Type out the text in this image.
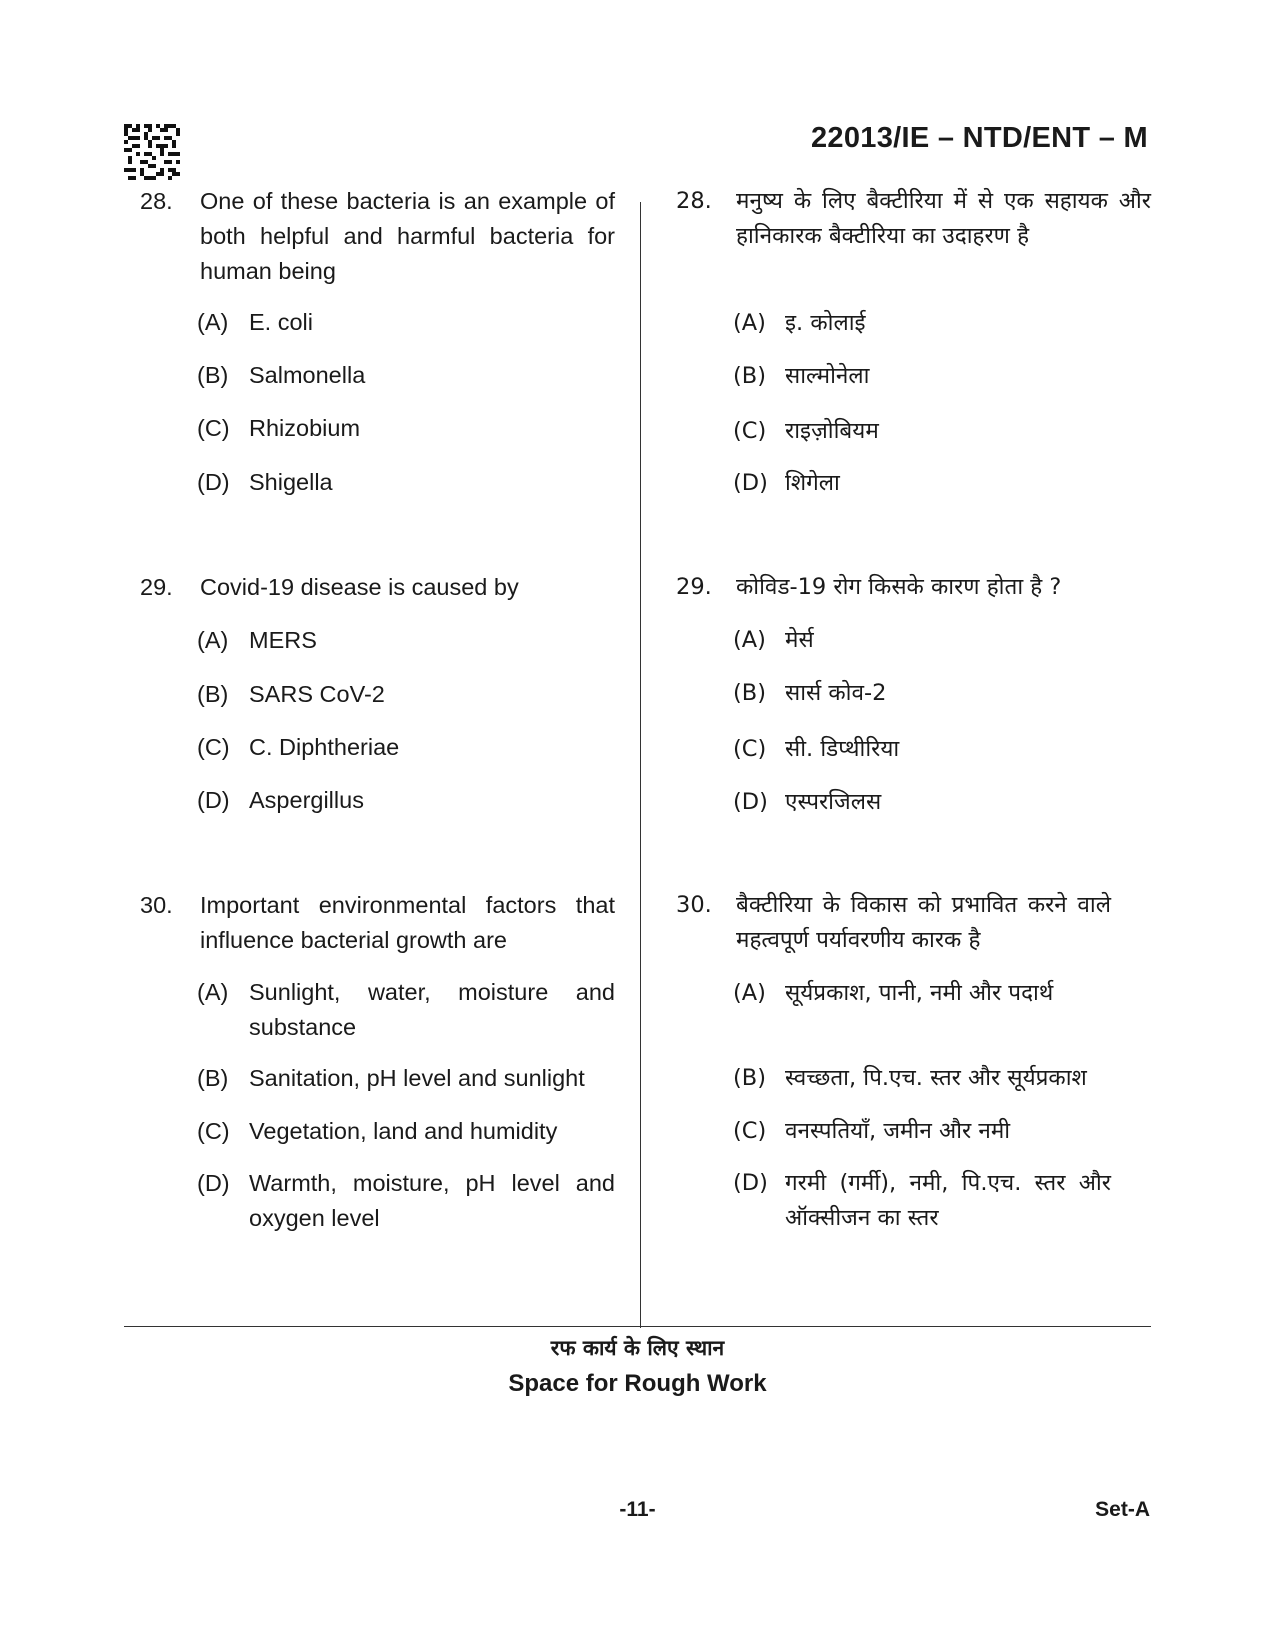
22013/IE – NTD/ENT – M
28. One of these bacteria is an example of both helpful and harmful bacteria for human being
(A) E. coli
(B) Salmonella
(C) Rhizobium
(D) Shigella
29. Covid-19 disease is caused by
(A) MERS
(B) SARS CoV-2
(C) C. Diphtheriae
(D) Aspergillus
30. Important environmental factors that influence bacterial growth are
(A) Sunlight, water, moisture and substance
(B) Sanitation, pH level and sunlight
(C) Vegetation, land and humidity
(D) Warmth, moisture, pH level and oxygen level
28. मनुष्य के लिए बैक्टीरिया में से एक सहायक और हानिकारक बैक्टीरिया का उदाहरण है
(A) इ. कोलाई
(B) साल्मोनेला
(C) राइज़ोबियम
(D) शिगेला
29. कोविड-19 रोग किसके कारण होता है ?
(A) मेर्स
(B) सार्स कोव-2
(C) सी. डिप्थीरिया
(D) एस्परजिलस
30. बैक्टीरिया के विकास को प्रभावित करने वाले महत्वपूर्ण पर्यावरणीय कारक है
(A) सूर्यप्रकाश, पानी, नमी और पदार्थ
(B) स्वच्छता, पि.एच. स्तर और सूर्यप्रकाश
(C) वनस्पतियाँ, जमीन और नमी
(D) गरमी (गर्मी), नमी, पि.एच. स्तर और ऑक्सीजन का स्तर
रफ कार्य के लिए स्थान
Space for Rough Work
-11-	Set-A
